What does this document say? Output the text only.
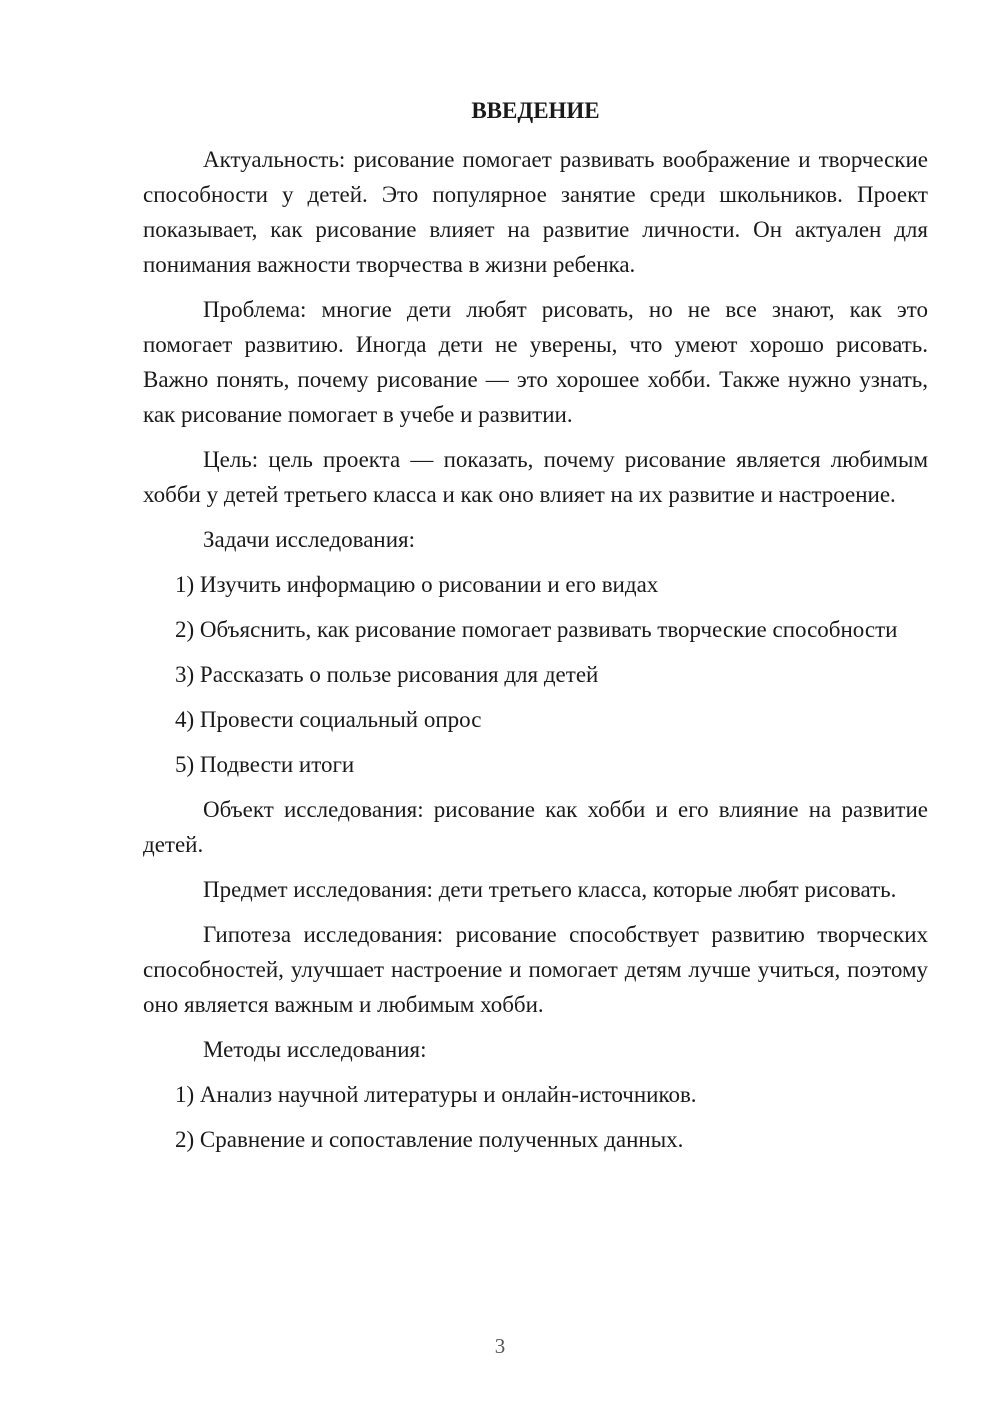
ВВЕДЕНИЕ

Актуальность: рисование помогает развивать воображение и творческие способности у детей. Это популярное занятие среди школьников. Проект показывает, как рисование влияет на развитие личности. Он актуален для понимания важности творчества в жизни ребенка.

Проблема: многие дети любят рисовать, но не все знают, как это помогает развитию. Иногда дети не уверены, что умеют хорошо рисовать. Важно понять, почему рисование — это хорошее хобби. Также нужно узнать, как рисование помогает в учебе и развитии.

Цель: цель проекта — показать, почему рисование является любимым хобби у детей третьего класса и как оно влияет на их развитие и настроение.

Задачи исследования:

1) Изучить информацию о рисовании и его видах

2) Объяснить, как рисование помогает развивать творческие способности

3) Рассказать о пользе рисования для детей

4) Провести социальный опрос

5) Подвести итоги

Объект исследования: рисование как хобби и его влияние на развитие детей.

Предмет исследования: дети третьего класса, которые любят рисовать.

Гипотеза исследования: рисование способствует развитию творческих способностей, улучшает настроение и помогает детям лучше учиться, поэтому оно является важным и любимым хобби.

Методы исследования:

1) Анализ научной литературы и онлайн-источников.

2) Сравнение и сопоставление полученных данных.

3
